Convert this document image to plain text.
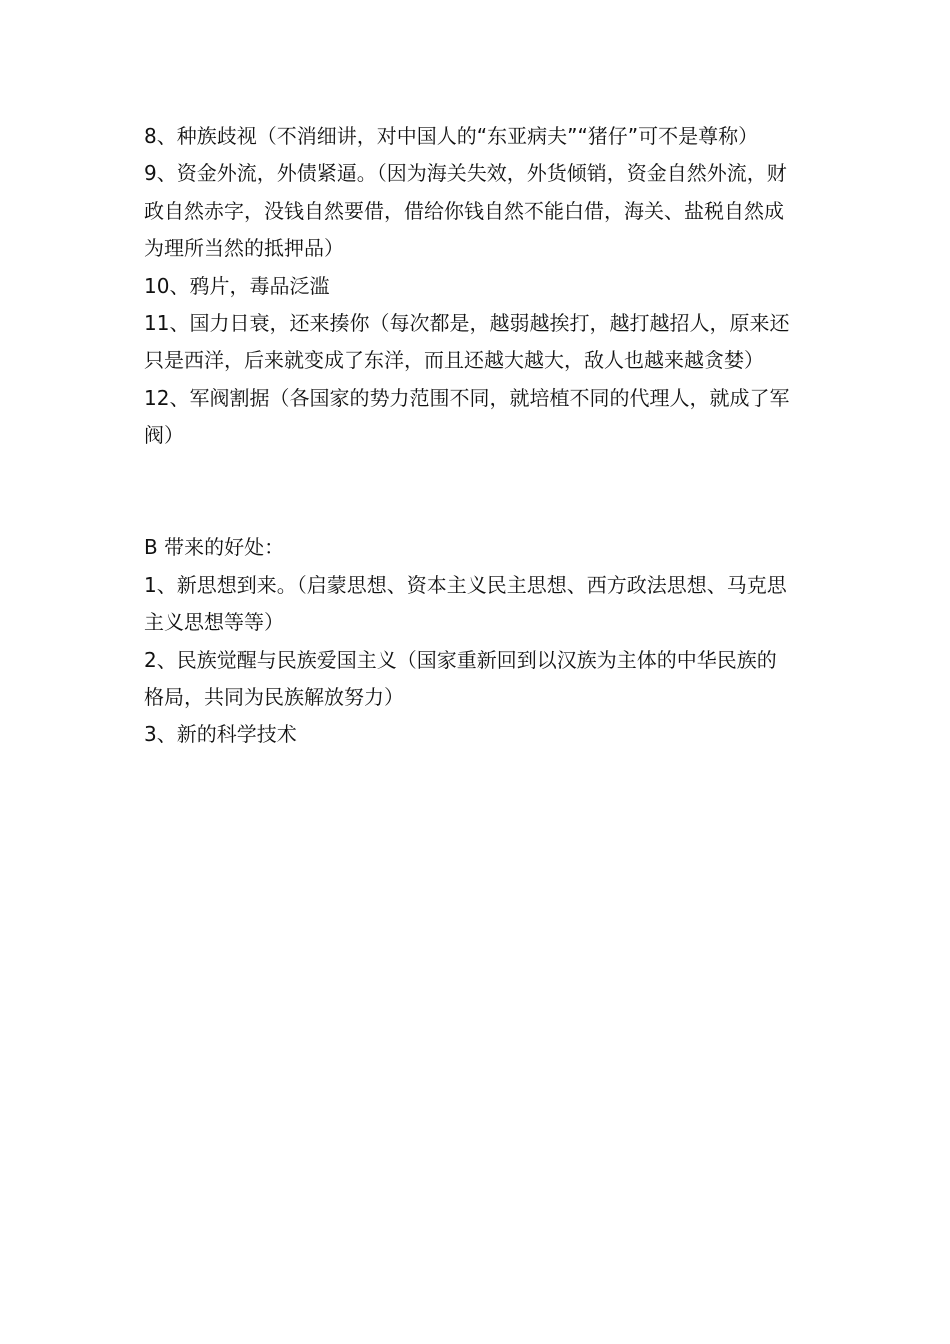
8、种族歧视（不消细讲，对中国人的“东亚病夫”“猪仔”可不是尊称）
9、资金外流，外债紧逼。（因为海关失效，外货倾销，资金自然外流，财
政自然赤字，没钱自然要借，借给你钱自然不能白借，海关、盐税自然成
为理所当然的抵押品）
10、鸦片，毒品泛滥
11、国力日衰，还来揍你（每次都是，越弱越挨打，越打越招人，原来还
只是西洋，后来就变成了东洋，而且还越大越大，敌人也越来越贪婪）
12、军阀割据（各国家的势力范围不同，就培植不同的代理人，就成了军
阀）
B 带来的好处：
1、新思想到来。（启蒙思想、资本主义民主思想、西方政法思想、马克思
主义思想等等）
2、民族觉醒与民族爱国主义（国家重新回到以汉族为主体的中华民族的
格局，共同为民族解放努力）
3、新的科学技术
